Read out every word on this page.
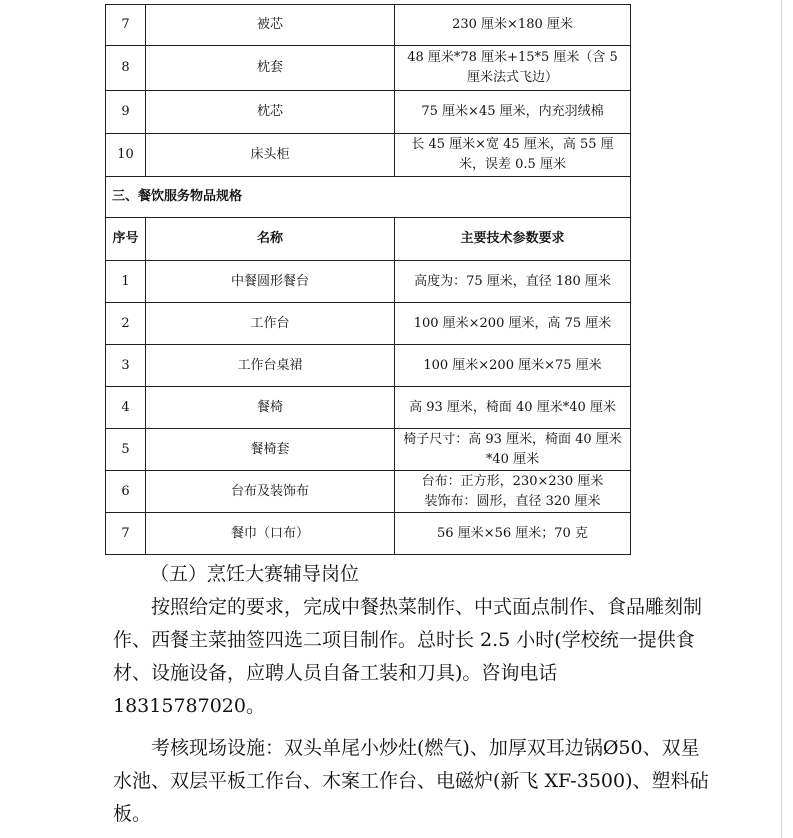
7	被芯	230 厘米×180 厘米
8	枕套	48 厘米*78 厘米+15*5 厘米（含 5 厘米法式飞边）
9	枕芯	75 厘米×45 厘米，内充羽绒棉
10	床头柜	长 45 厘米×宽 45 厘米，高 55 厘米，误差 0.5 厘米
三、餐饮服务物品规格		
序号	名称	主要技术参数要求
1	中餐圆形餐台	高度为：75 厘米，直径 180 厘米
2	工作台	100 厘米×200 厘米，高 75 厘米
3	工作台桌裙	100 厘米×200 厘米×75 厘米
4	餐椅	高 93 厘米，椅面 40 厘米*40 厘米
5	餐椅套	椅子尺寸：高 93 厘米，椅面 40 厘米*40 厘米
6	台布及装饰布	台布：正方形，230×230 厘米
装饰布：圆形，直径 320 厘米

7	餐巾（口布）	56 厘米×56 厘米；70 克
（五）烹饪大赛辅导岗位
按照给定的要求，完成中餐热菜制作、中式面点制作、食品雕刻制作、西餐主菜抽签四选二项目制作。总时长 2.5 小时(学校统一提供食材、设施设备，应聘人员自备工装和刀具)。咨询电话 18315787020。
考核现场设施：双头单尾小炒灶(燃气)、加厚双耳边锅Ø50、双星水池、双层平板工作台、木案工作台、电磁炉(新飞 XF-3500)、塑料砧板。
